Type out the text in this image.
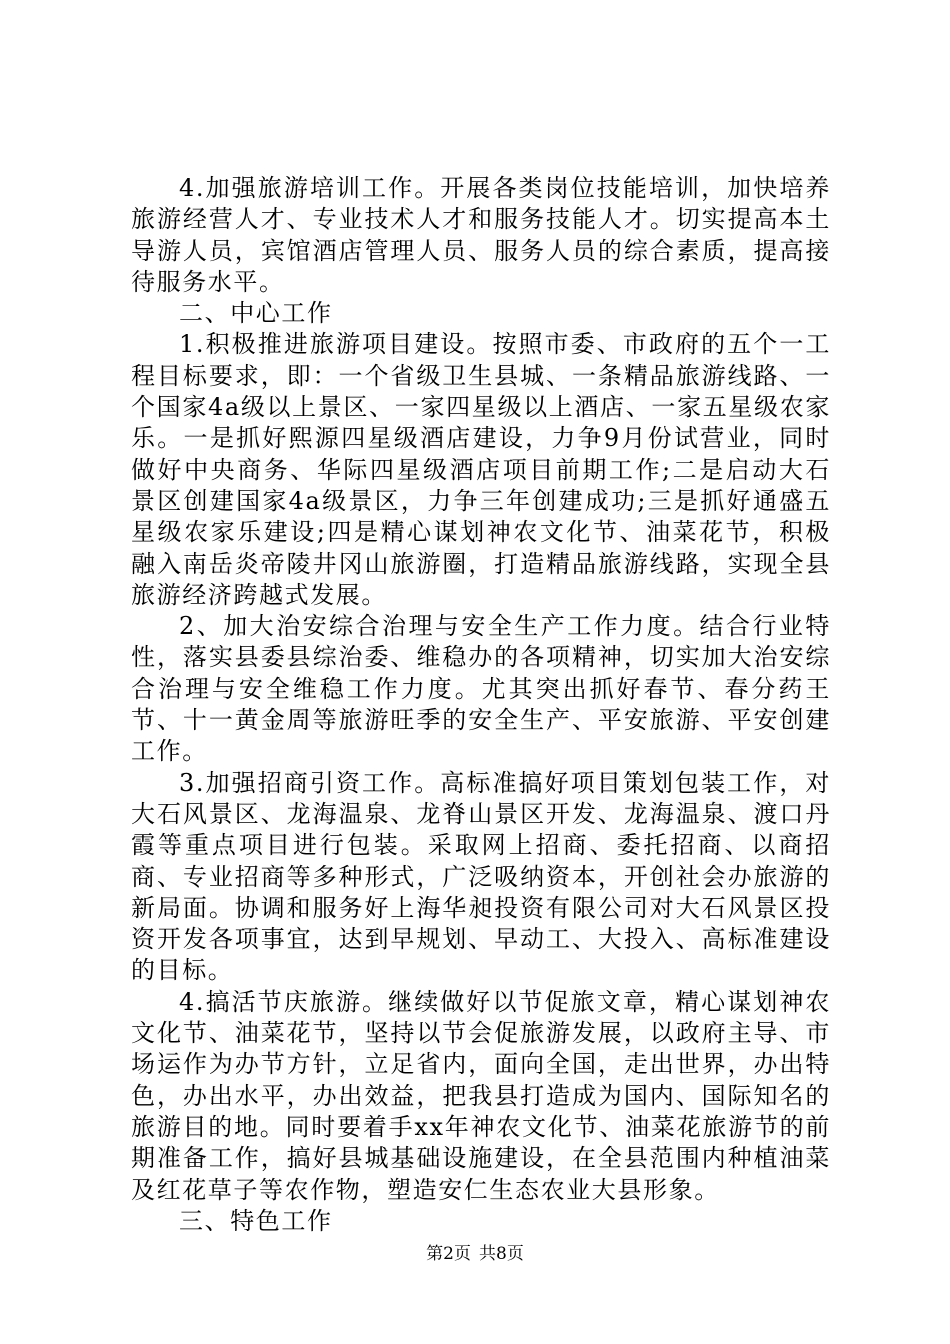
4.加强旅游培训工作。开展各类岗位技能培训，加快培养旅游经营人才、专业技术人才和服务技能人才。切实提高本土导游人员，宾馆酒店管理人员、服务人员的综合素质，提高接待服务水平。

二、中心工作

1.积极推进旅游项目建设。按照市委、市政府的五个一工程目标要求，即：一个省级卫生县城、一条精品旅游线路、一个国家4a级以上景区、一家四星级以上酒店、一家五星级农家乐。一是抓好熙源四星级酒店建设，力争9月份试营业，同时做好中央商务、华际四星级酒店项目前期工作;二是启动大石景区创建国家4a级景区，力争三年创建成功;三是抓好通盛五星级农家乐建设;四是精心谋划神农文化节、油菜花节，积极融入南岳炎帝陵井冈山旅游圈，打造精品旅游线路，实现全县旅游经济跨越式发展。

2、加大治安综合治理与安全生产工作力度。结合行业特性，落实县委县综治委、维稳办的各项精神，切实加大治安综合治理与安全维稳工作力度。尤其突出抓好春节、春分药王节、十一黄金周等旅游旺季的安全生产、平安旅游、平安创建工作。

3.加强招商引资工作。高标准搞好项目策划包装工作，对大石风景区、龙海温泉、龙脊山景区开发、龙海温泉、渡口丹霞等重点项目进行包装。采取网上招商、委托招商、以商招商、专业招商等多种形式，广泛吸纳资本，开创社会办旅游的新局面。协调和服务好上海华昶投资有限公司对大石风景区投资开发各项事宜，达到早规划、早动工、大投入、高标准建设的目标。

4.搞活节庆旅游。继续做好以节促旅文章，精心谋划神农文化节、油菜花节，坚持以节会促旅游发展，以政府主导、市场运作为办节方针，立足省内，面向全国，走出世界，办出特色，办出水平，办出效益，把我县打造成为国内、国际知名的旅游目的地。同时要着手xx年神农文化节、油菜花旅游节的前期准备工作，搞好县城基础设施建设，在全县范围内种植油菜及红花草子等农作物，塑造安仁生态农业大县形象。

三、特色工作

第2页 共8页
